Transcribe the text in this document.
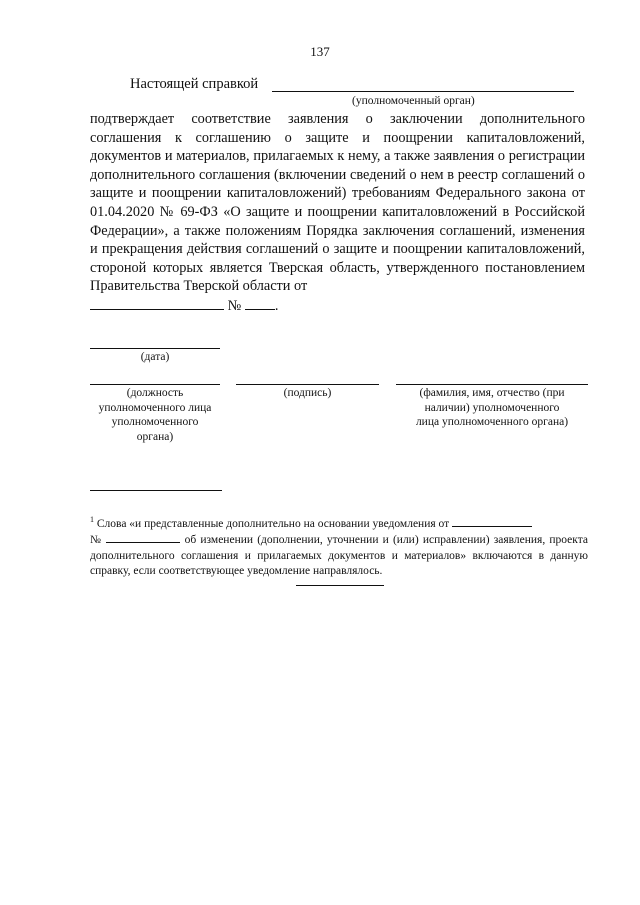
137
Настоящей справкой
(уполномоченный орган)

подтверждает соответствие заявления о заключении дополнительного соглашения к соглашению о защите и поощрении капиталовложений, документов и материалов, прилагаемых к нему, а также заявления о регистрации дополнительного соглашения (включении сведений о нем в реестр соглашений о защите и поощрении капиталовложений) требованиям Федерального закона от 01.04.2020 № 69-ФЗ «О защите и поощрении капиталовложений в Российской Федерации», а также положениям Порядка заключения соглашений, изменения и прекращения действия соглашений о защите и поощрении капиталовложений, стороной которых является Тверская область, утвержденного постановлением Правительства Тверской области от
№ .

(дата)
(должность уполномоченного лица уполномоченного органа)
(подпись)	(фамилия, имя, отчество (при наличии) уполномоченного лица уполномоченного органа)

$^1$ Слова «и представленные дополнительно на основании уведомления от
№	об изменении (дополнении, уточнении и (или) исправлении) заявления, проекта дополнительного соглашения и прилагаемых документов и материалов» включаются в данную справку, если соответствующее уведомление направлялось.
